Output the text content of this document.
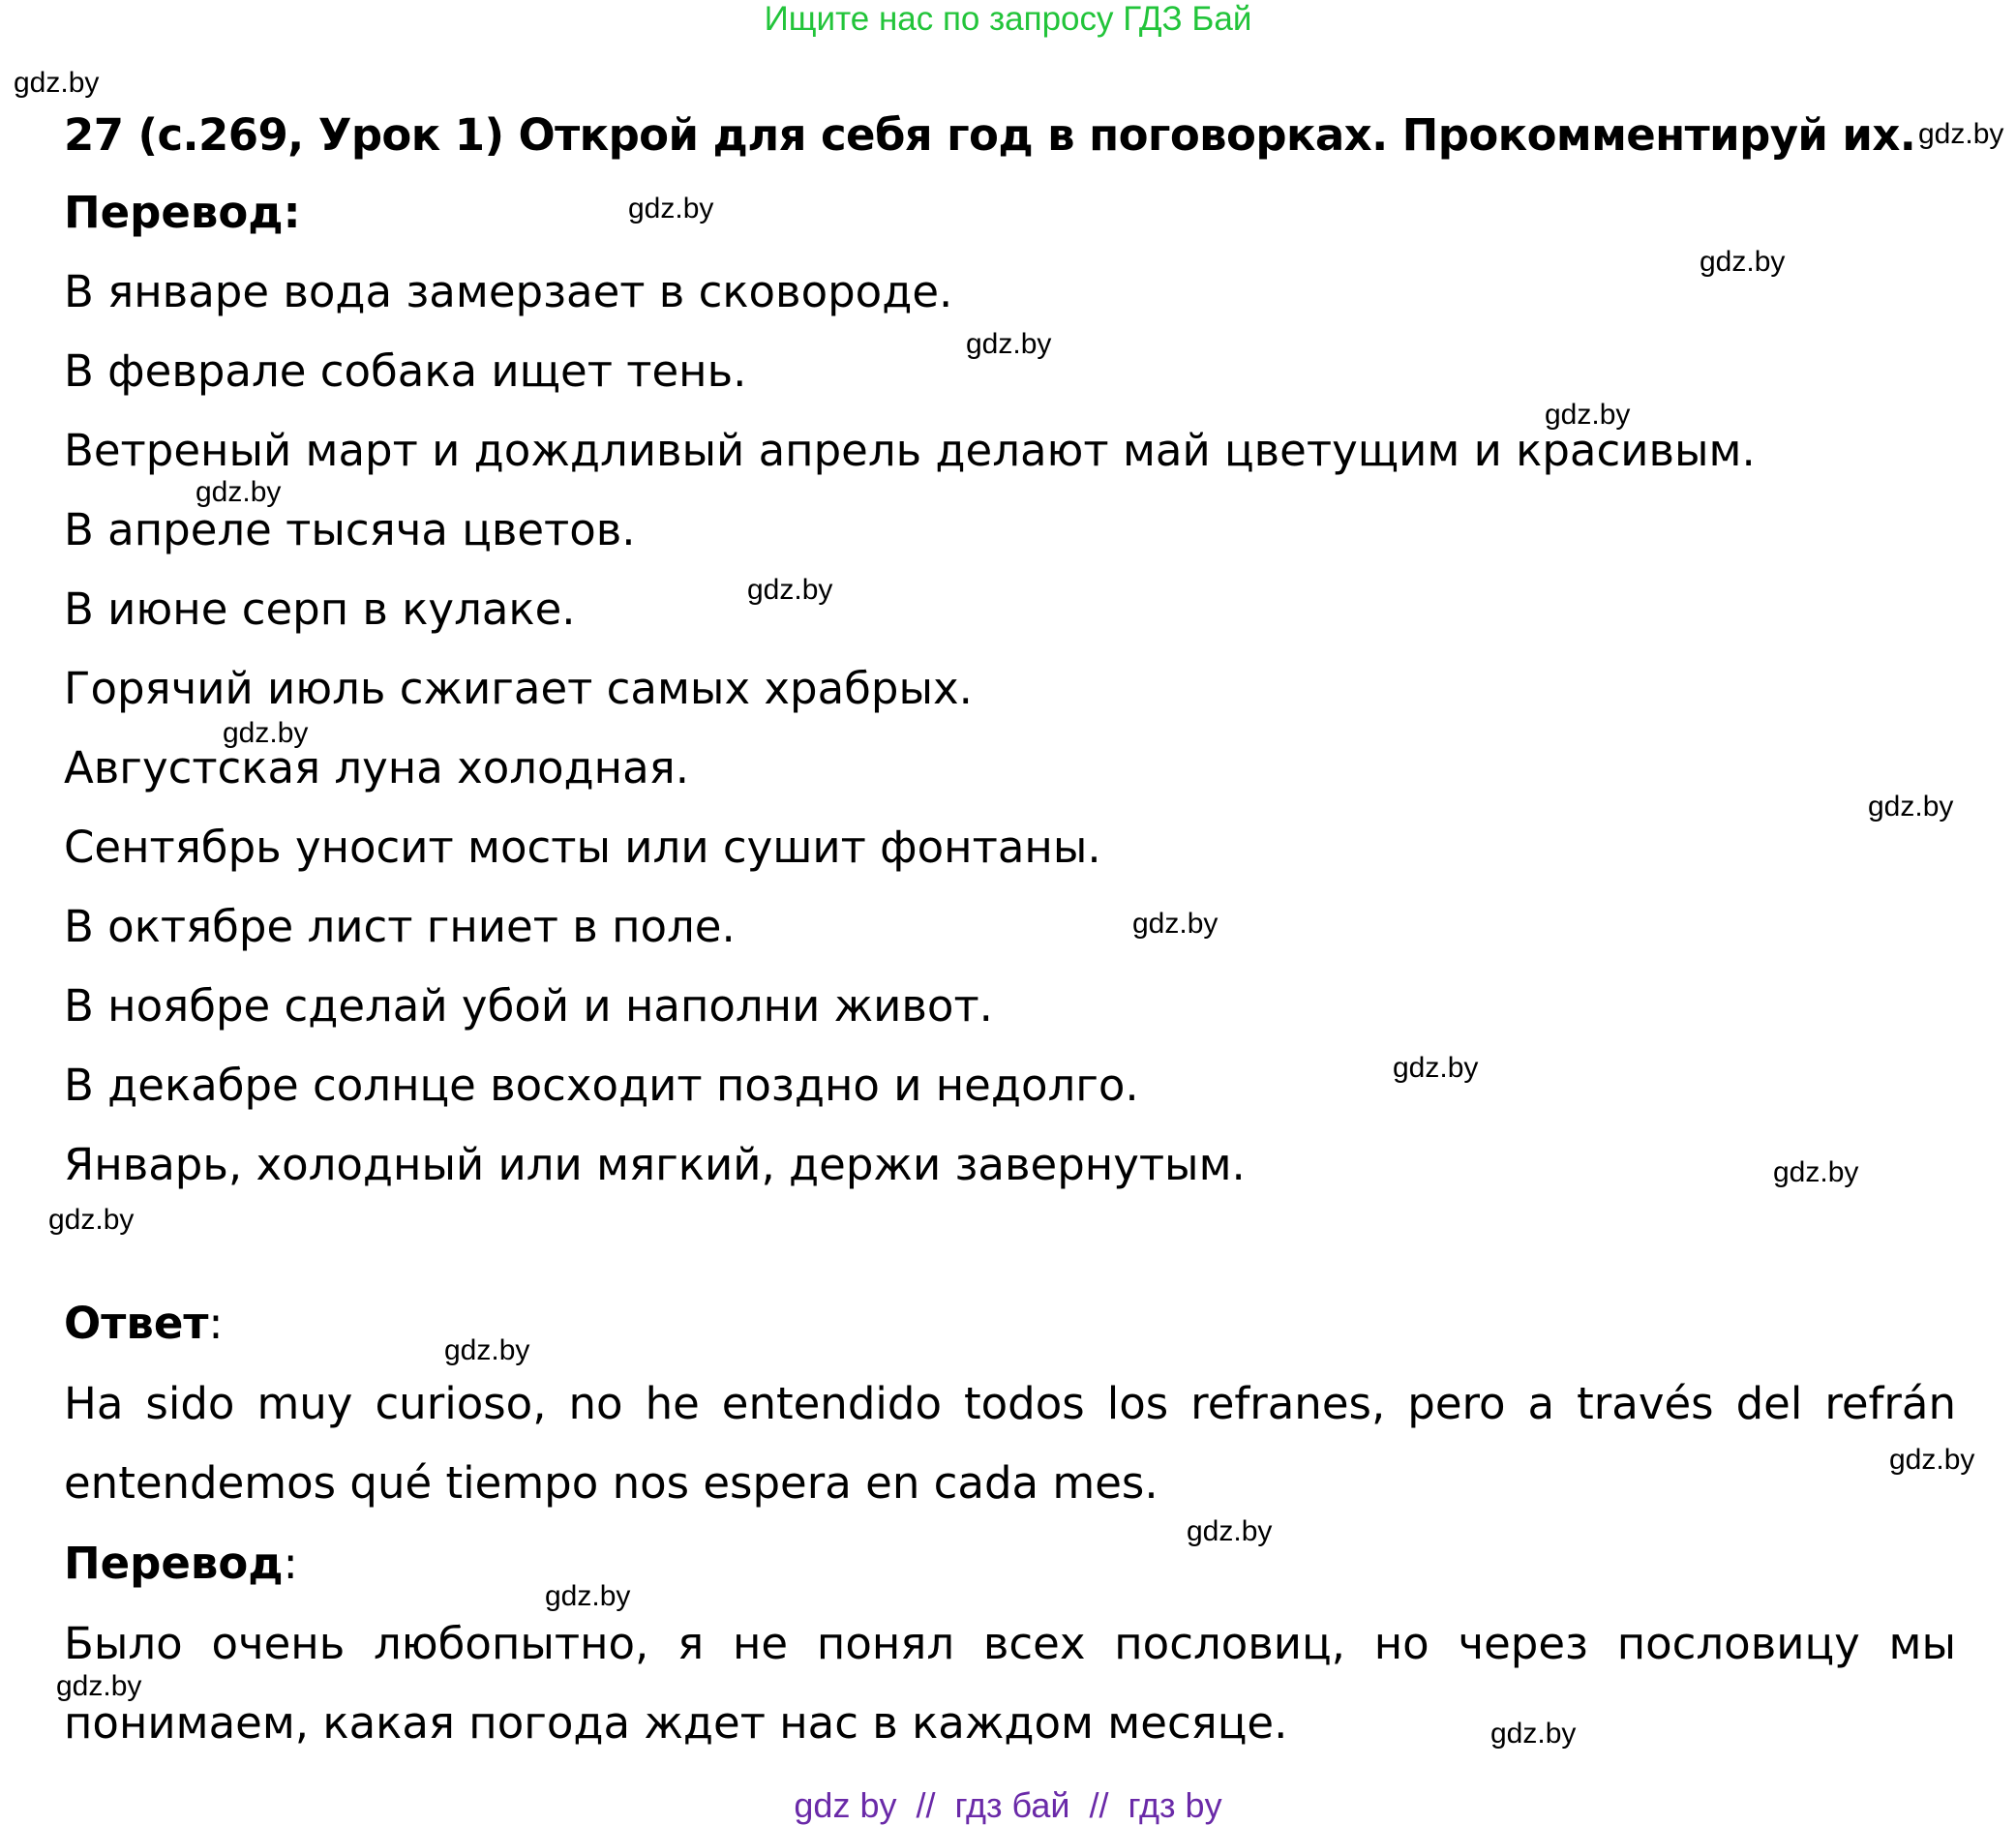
Ищите нас по запросу ГДЗ Бай
27 (с.269, Урок 1) Открой для себя год в поговорках. Прокомментируй их.
Перевод:
В январе вода замерзает в сковороде.
В феврале собака ищет тень.
Ветреный март и дождливый апрель делают май цветущим и красивым.
В апреле тысяча цветов.
В июне серп в кулаке.
Горячий июль сжигает самых храбрых.
Августская луна холодная.
Сентябрь уносит мосты или сушит фонтаны.
В октябре лист гниет в поле.
В ноябре сделай убой и наполни живот.
В декабре солнце восходит поздно и недолго.
Январь, холодный или мягкий, держи завернутым.
Ответ:
Ha sido muy curioso, no he entendido todos los refranes, pero a través del refrán entendemos qué tiempo nos espera en cada mes.
Перевод:
Было очень любопытно, я не понял всех пословиц, но через пословицу мы понимаем, какая погода ждет нас в каждом месяце.
gdz.by
gdz.by
gdz.by
gdz.by
gdz.by
gdz.by
gdz.by
gdz.by
gdz.by
gdz.by
gdz.by
gdz.by
gdz.by
gdz.by
gdz.by
gdz.by
gdz.by
gdz.by
gdz.by
gdz.by
gdz by // гдз бай // гдз by
